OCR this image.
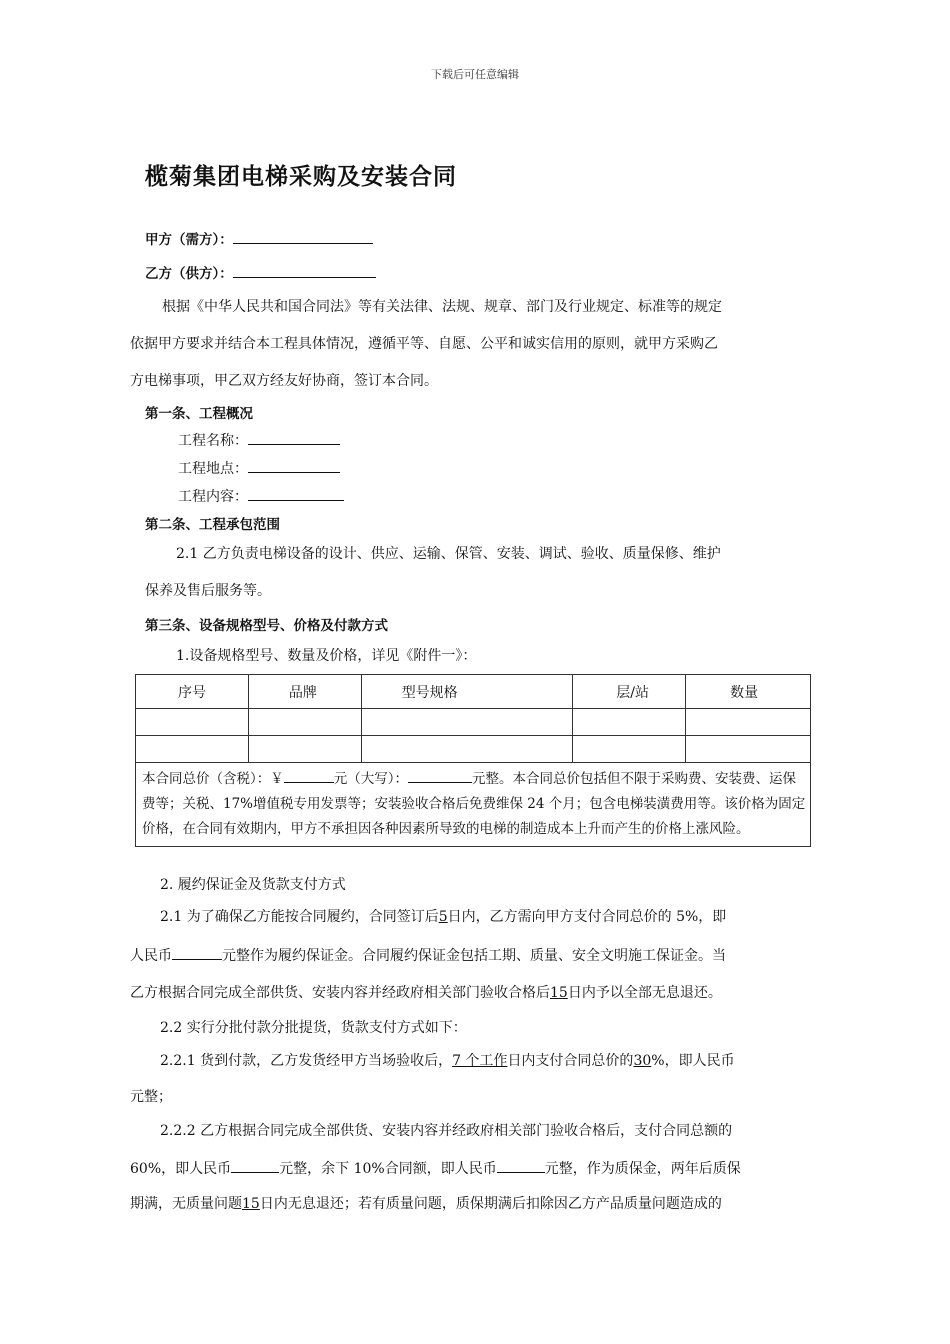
下载后可任意编辑
榄菊集团电梯采购及安装合同
甲方（需方）：
乙方（供方）：
根据《中华人民共和国合同法》等有关法律、法规、规章、部门及行业规定、标准等的规定
依据甲方要求并结合本工程具体情况，遵循平等、自愿、公平和诚实信用的原则，就甲方采购乙
方电梯事项，甲乙双方经友好协商，签订本合同。
第一条、工程概况
工程名称：
工程地点：
工程内容：
第二条、工程承包范围
2.1 乙方负责电梯设备的设计、供应、运输、保管、安装、调试、验收、质量保修、维护
保养及售后服务等。
第三条、设备规格型号、价格及付款方式
1.设备规格型号、数量及价格，详见《附件一》：
序号	品牌	型号规格	层/站	数量

本合同总价（含税）：￥ 元（大写）： 元整。本合同总价包括但不限于采购费、安装费、运保费等；关税、17%增值税专用发票等；安装验收合格后免费维保 24 个月；包含电梯装潢费用等。该价格为固定价格，在合同有效期内，甲方不承担因各种因素所导致的电梯的制造成本上升而产生的价格上涨风险。				
2. 履约保证金及货款支付方式
2.1 为了确保乙方能按合同履约，合同签订后5日内，乙方需向甲方支付合同总价的 5%，即
人民币	元整作为履约保证金。合同履约保证金包括工期、质量、安全文明施工保证金。当
乙方根据合同完成全部供货、安装内容并经政府相关部门验收合格后15日内予以全部无息退还。
2.2 实行分批付款分批提货，货款支付方式如下：
2.2.1 货到付款，乙方发货经甲方当场验收后，7 个工作日内支付合同总价的30%，即人民币
元整；
2.2.2 乙方根据合同完成全部供货、安装内容并经政府相关部门验收合格后，支付合同总额的
60%，即人民币	元整，余下 10%合同额，即人民币	元整，作为质保金，两年后质保
期满，无质量问题15日内无息退还；若有质量问题，质保期满后扣除因乙方产品质量问题造成的
